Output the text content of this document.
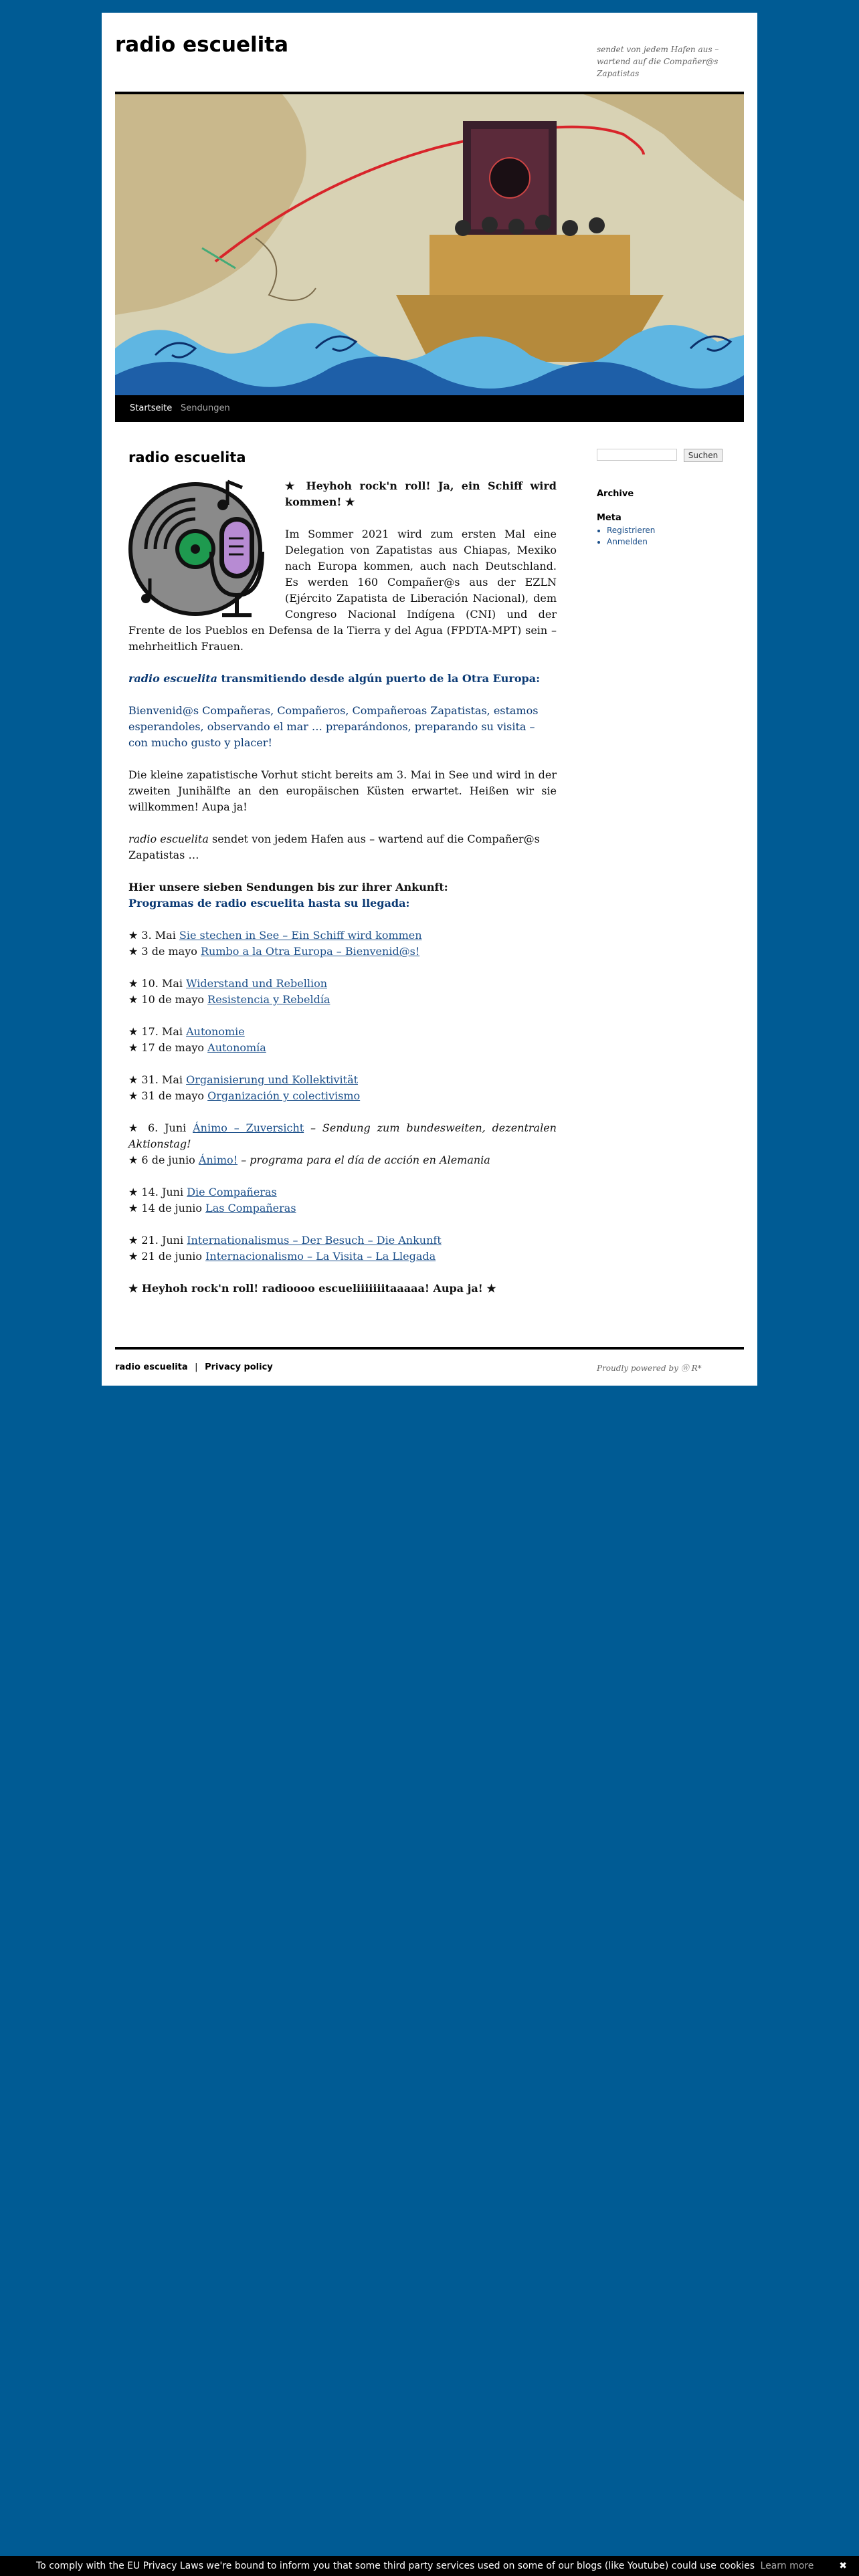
radio escuelita	sendet von jedem Hafen aus – wartend auf die Compañer@s Zapatistas
Startseite Sendungen
radio escuelita

★ Heyhoh rock'n roll! Ja, ein Schiff wird kommen! ★

Im Sommer 2021 wird zum ersten Mal eine Delegation von Zapatistas aus Chiapas, Mexiko nach Europa kommen, auch nach Deutschland. Es werden 160 Compañer@s aus der EZLN (Ejército Zapatista de Liberación Nacional), dem Congreso Nacional Indígena (CNI) und der Frente de los Pueblos en Defensa de la Tierra y del Agua (FPDTA-MPT) sein – mehrheitlich Frauen.

radio escuelita transmitiendo desde algún puerto de la Otra Europa:

Bienvenid@s Compañeras, Compañeros, Compañeroas Zapatistas, estamos esperandoles, observando el mar … preparándonos, preparando su visita – con mucho gusto y placer!

Die kleine zapatistische Vorhut sticht bereits am 3. Mai in See und wird in der zweiten Junihälfte an den europäischen Küsten erwartet. Heißen wir sie willkommen! Aupa ja!

radio escuelita sendet von jedem Hafen aus – wartend auf die Compañer@s Zapatistas …

Hier unsere sieben Sendungen bis zur ihrer Ankunft:
Programas de radio escuelita hasta su llegada:

★ 3. Mai Sie stechen in See – Ein Schiff wird kommen
★ 3 de mayo Rumbo a la Otra Europa – Bienvenid@s!

★ 10. Mai Widerstand und Rebellion
★ 10 de mayo Resistencia y Rebeldía

★ 17. Mai Autonomie
★ 17 de mayo Autonomía

★ 31. Mai Organisierung und Kollektivität
★ 31 de mayo Organización y colectivismo

★ 6. Juni Ánimo – Zuversicht – Sendung zum bundesweiten, dezentralen Aktionstag!
★ 6 de junio Ánimo! – programa para el día de acción en Alemania

★ 14. Juni Die Compañeras
★ 14 de junio Las Compañeras

★ 21. Juni Internationalismus – Der Besuch – Die Ankunft
★ 21 de junio Internacionalismo – La Visita – La Llegada

★ Heyhoh rock'n roll! radioooo escueliiiiiiitaaaaa! Aupa ja! ★

Suchen
Archive
Meta
• Registrieren
• Anmelden
radio escuelita | Privacy policy	Proudly powered by Ⓦ R*
To comply with the EU Privacy Laws we're bound to inform you that some third party services used on some of our blogs (like Youtube) could use cookies Learn more	✖
